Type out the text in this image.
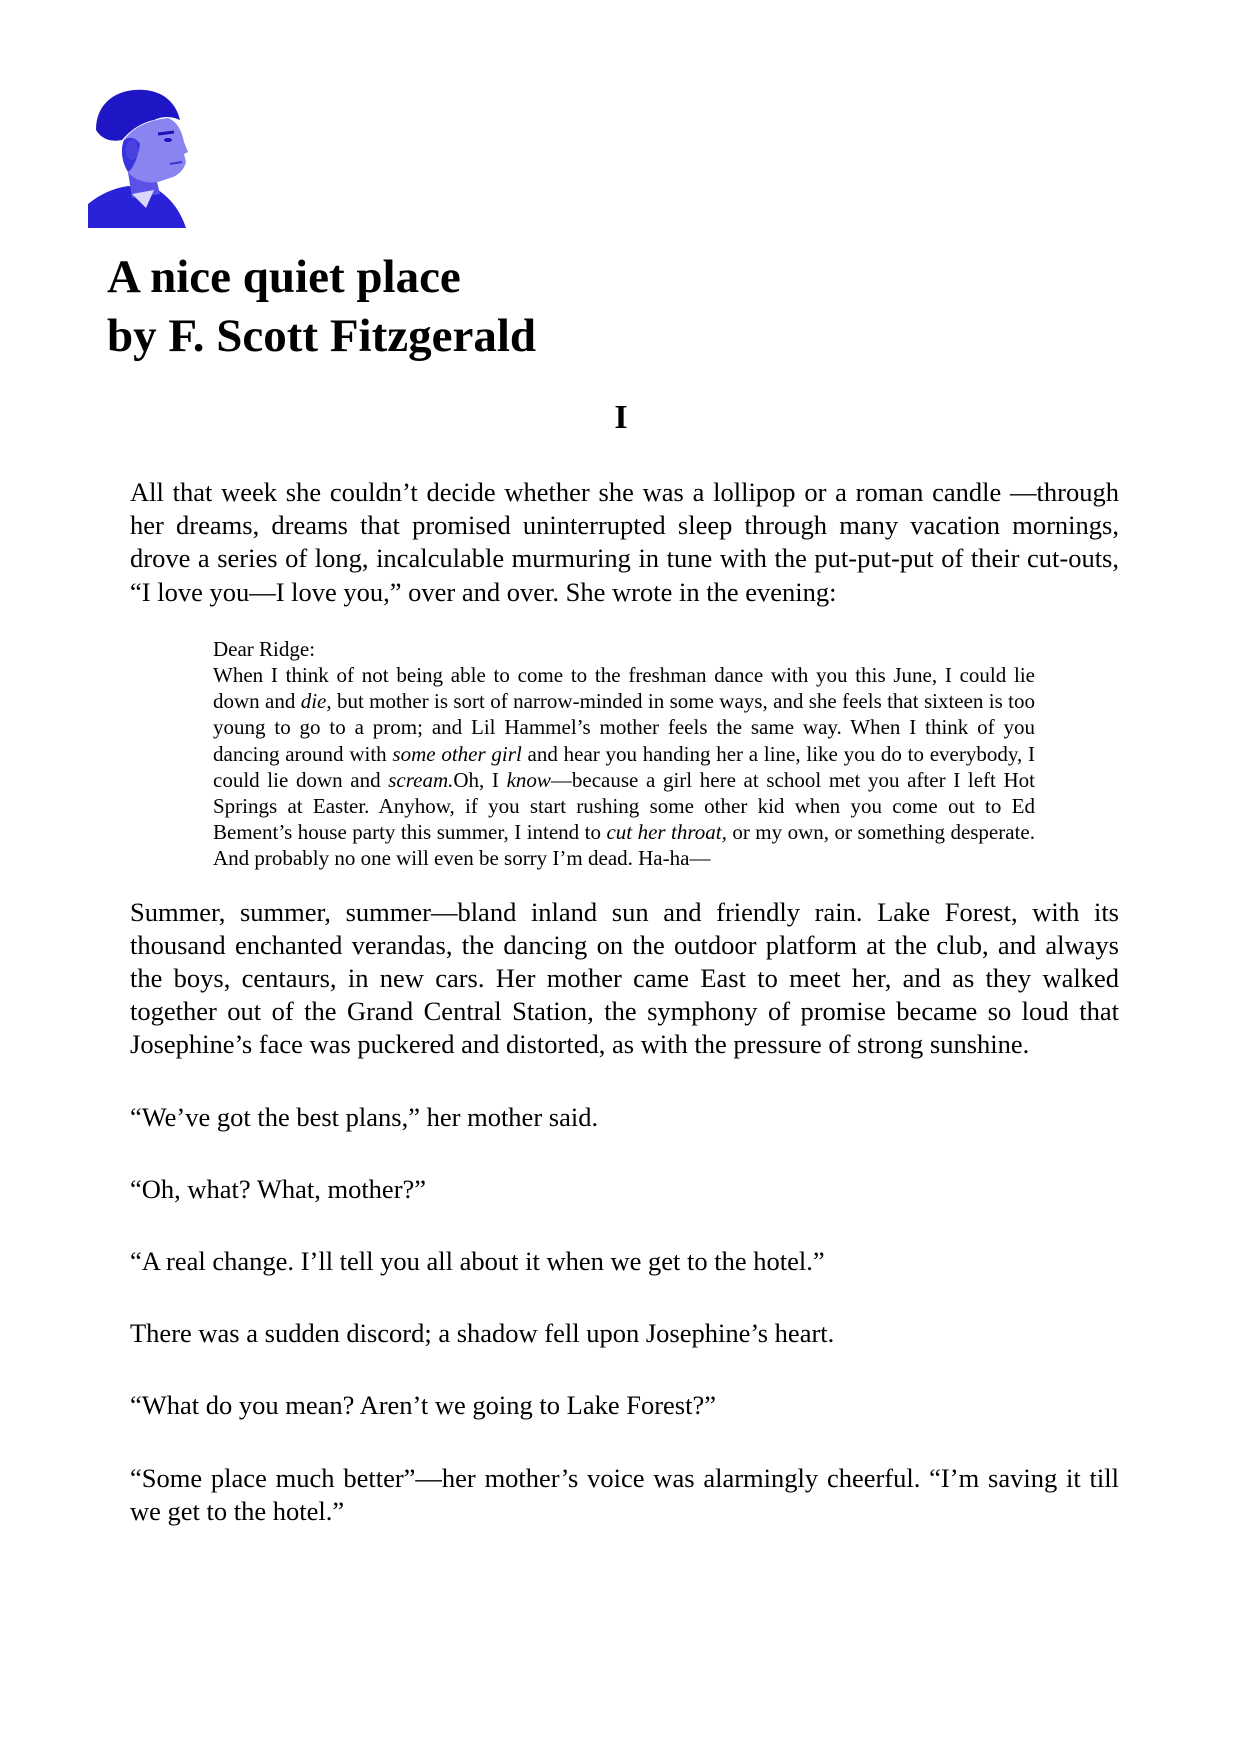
A nice quiet place
by F. Scott Fitzgerald
I

All that week she couldn’t decide whether she was a lollipop or a roman candle —through her dreams, dreams that promised uninterrupted sleep through many vacation mornings, drove a series of long, incalculable murmuring in tune with the put-put-put of their cut-outs, “I love you—I love you,” over and over. She wrote in the evening:

Dear Ridge:
When I think of not being able to come to the freshman dance with you this June, I could lie down and die, but mother is sort of narrow-minded in some ways, and she feels that sixteen is too young to go to a prom; and Lil Hammel’s mother feels the same way. When I think of you dancing around with some other girl and hear you handing her a line, like you do to everybody, I could lie down and scream.Oh, I know—because a girl here at school met you after I left Hot Springs at Easter. Anyhow, if you start rushing some other kid when you come out to Ed Bement’s house party this summer, I intend to cut her throat, or my own, or something desperate. And probably no one will even be sorry I’m dead. Ha-ha—

Summer, summer, summer—bland inland sun and friendly rain. Lake Forest, with its thousand enchanted verandas, the dancing on the outdoor platform at the club, and always the boys, centaurs, in new cars. Her mother came East to meet her, and as they walked together out of the Grand Central Station, the symphony of promise became so loud that Josephine’s face was puckered and distorted, as with the pressure of strong sunshine.

“We’ve got the best plans,” her mother said.

“Oh, what? What, mother?”

“A real change. I’ll tell you all about it when we get to the hotel.”

There was a sudden discord; a shadow fell upon Josephine’s heart.

“What do you mean? Aren’t we going to Lake Forest?”

“Some place much better”—her mother’s voice was alarmingly cheerful. “I’m saving it till we get to the hotel.”
